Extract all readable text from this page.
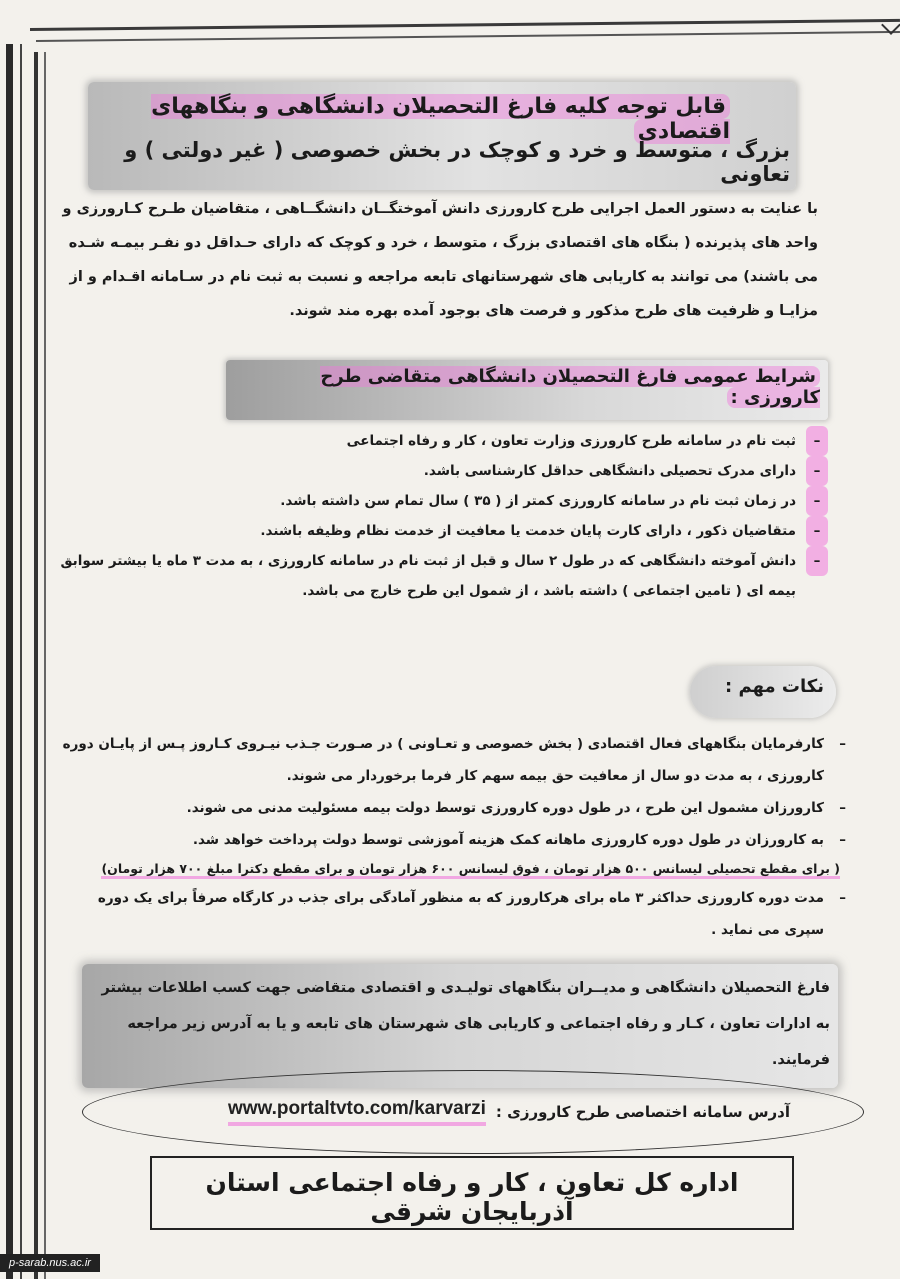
قابل توجه کلیه فارغ التحصیلان دانشگاهی و بنگاههای اقتصادی
بزرگ ، متوسط و خرد و کوچک در بخش خصوصی ( غیر دولتی ) و تعاونی
با عنایت به دستور العمل اجرایی طرح کارورزی دانش آموختگــان دانشگــاهی ، متقاضیان طـرح کـارورزی و واحد های پذیرنده ( بنگاه های اقتصادی بزرگ ، متوسط ، خرد و کوچک که دارای حـداقل دو نفـر بیمـه شـده می باشند) می توانند به کاریابی های شهرستانهای تابعه مراجعه و نسبت به ثبت نام در سـامانه اقـدام و از مزایـا و ظرفیت های طرح مذکور و فرصت های بوجود آمده بهره مند شوند.
شرایط عمومی فارغ التحصیلان دانشگاهی متقاضی طرح کارورزی :
–
ثبت نام در سامانه طرح کارورزی وزارت تعاون ، کار و رفاه اجتماعی
–
دارای مدرک تحصیلی دانشگاهی حداقل کارشناسی باشد.
–
در زمان ثبت نام در سامانه کارورزی کمتر از ( ۳۵ ) سال تمام سن داشته باشد.
–
متقاضیان ذکور ، دارای کارت پایان خدمت یا معافیت از خدمت نظام وظیفه باشند.
–
دانش آموخته دانشگاهی که در طول ۲ سال و قبل از ثبت نام در سامانه کارورزی ، به مدت ۳ ماه یا بیشتر سوابق بیمه ای ( تامین اجتماعی ) داشته باشد ، از شمول این طرح خارج می باشد.
نکات مهم :
–
کارفرمایان بنگاههای فعال اقتصادی ( بخش خصوصی و تعـاونی ) در صـورت جـذب نیـروی کـاروز پـس از پایـان دوره کارورزی ، به مدت دو سال از معافیت حق بیمه سهم کار فرما برخوردار می شوند.
–
کارورزان مشمول این طرح ، در طول دوره کارورزی توسط دولت بیمه مسئولیت مدنی می شوند.
–
به کارورزان در طول دوره کارورزی ماهانه کمک هزینه آموزشی توسط دولت پرداخت خواهد شد.
( برای مقطع تحصیلی لیسانس ۵۰۰ هزار تومان ، فوق لیسانس ۶۰۰ هزار تومان و برای مقطع دکترا مبلغ ۷۰۰ هزار تومان)
–
مدت دوره کارورزی حداکثر ۳ ماه برای هرکارورز که به منظور آمادگی برای جذب در کارگاه صرفاً برای یک دوره سپری می نماید .
فارغ التحصیلان دانشگاهی و مدیــران بنگاههای تولیـدی و اقتصادی متقاضی جهت کسب اطلاعات بیشتر به ادارات تعاون ، کـار و رفاه اجتماعی و کاریابی های شهرستان های تابعه و یا به آدرس زیر مراجعه فرمایند.
آدرس سامانه اختصاصی طرح کارورزی :
www.portaltvto.com/karvarzi
اداره کل تعاون ، کار و رفاه اجتماعی استان آذربایجان شرقی
p-sarab.nus.ac.ir
